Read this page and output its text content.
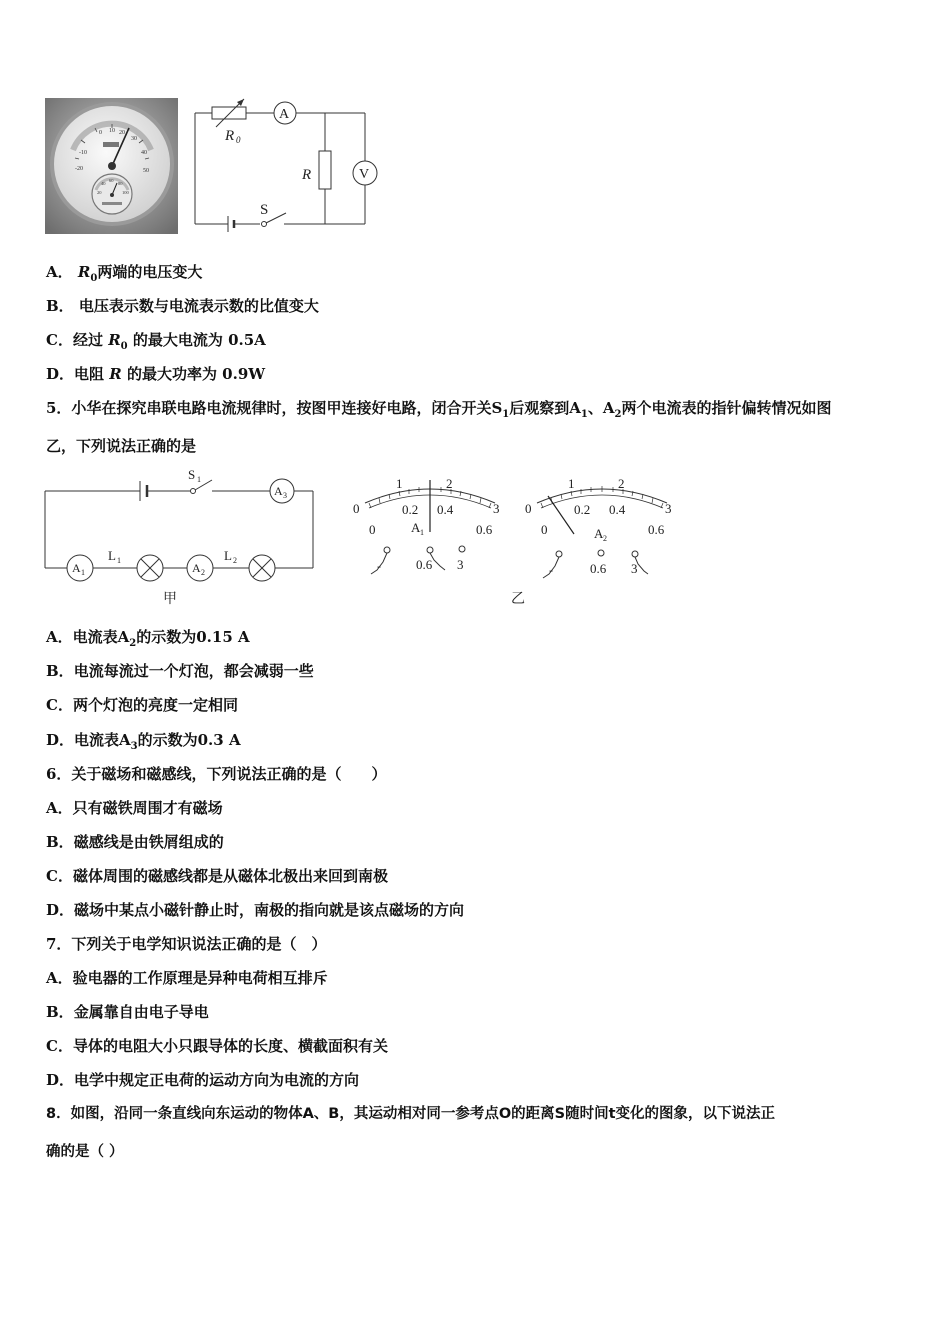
0 10 20
30
40
50
-10
-20
20
40
60
80
100
R 0
A
V
R
S
A． $R_0$两端的电压变大
B． 电压表示数与电流表示数的比值变大
C．经过 $R_0$ 的最大电流为 0.5A
D．电阻 R 的最大功率为 0.9W
5．小华在探究串联电路电流规律时，按图甲连接好电路，闭合开关$S_1$后观察到$A_1$、$A_2$两个电流表的指针偏转情况如图
乙，下列说法正确的是
S 1
A 3
A 1
L 1
A 2
L 2
甲
0
1	2
3
0
0.2 0.4
0.6
A 1
-	0.6 3
0
1	2
3
0
0.2 0.4
0.6
A 2
-	0.6 3
乙
A．电流表$A_2$的示数为0.15 A
B．电流每流过一个灯泡，都会减弱一些
C．两个灯泡的亮度一定相同
D．电流表$A_3$的示数为0.3 A
6．关于磁场和磁感线，下列说法正确的是（　　）
A．只有磁铁周围才有磁场
B．磁感线是由铁屑组成的
C．磁体周围的磁感线都是从磁体北极出来回到南极
D．磁场中某点小磁针静止时，南极的指向就是该点磁场的方向
7．下列关于电学知识说法正确的是（　）
A．验电器的工作原理是异种电荷相互排斥
B．金属靠自由电子导电
C．导体的电阻大小只跟导体的长度、横截面积有关
D．电学中规定正电荷的运动方向为电流的方向
8．如图，沿同一条直线向东运动的物体A、B，其运动相对同一参考点O的距离S随时间t变化的图象，以下说法正
确的是（ ）
